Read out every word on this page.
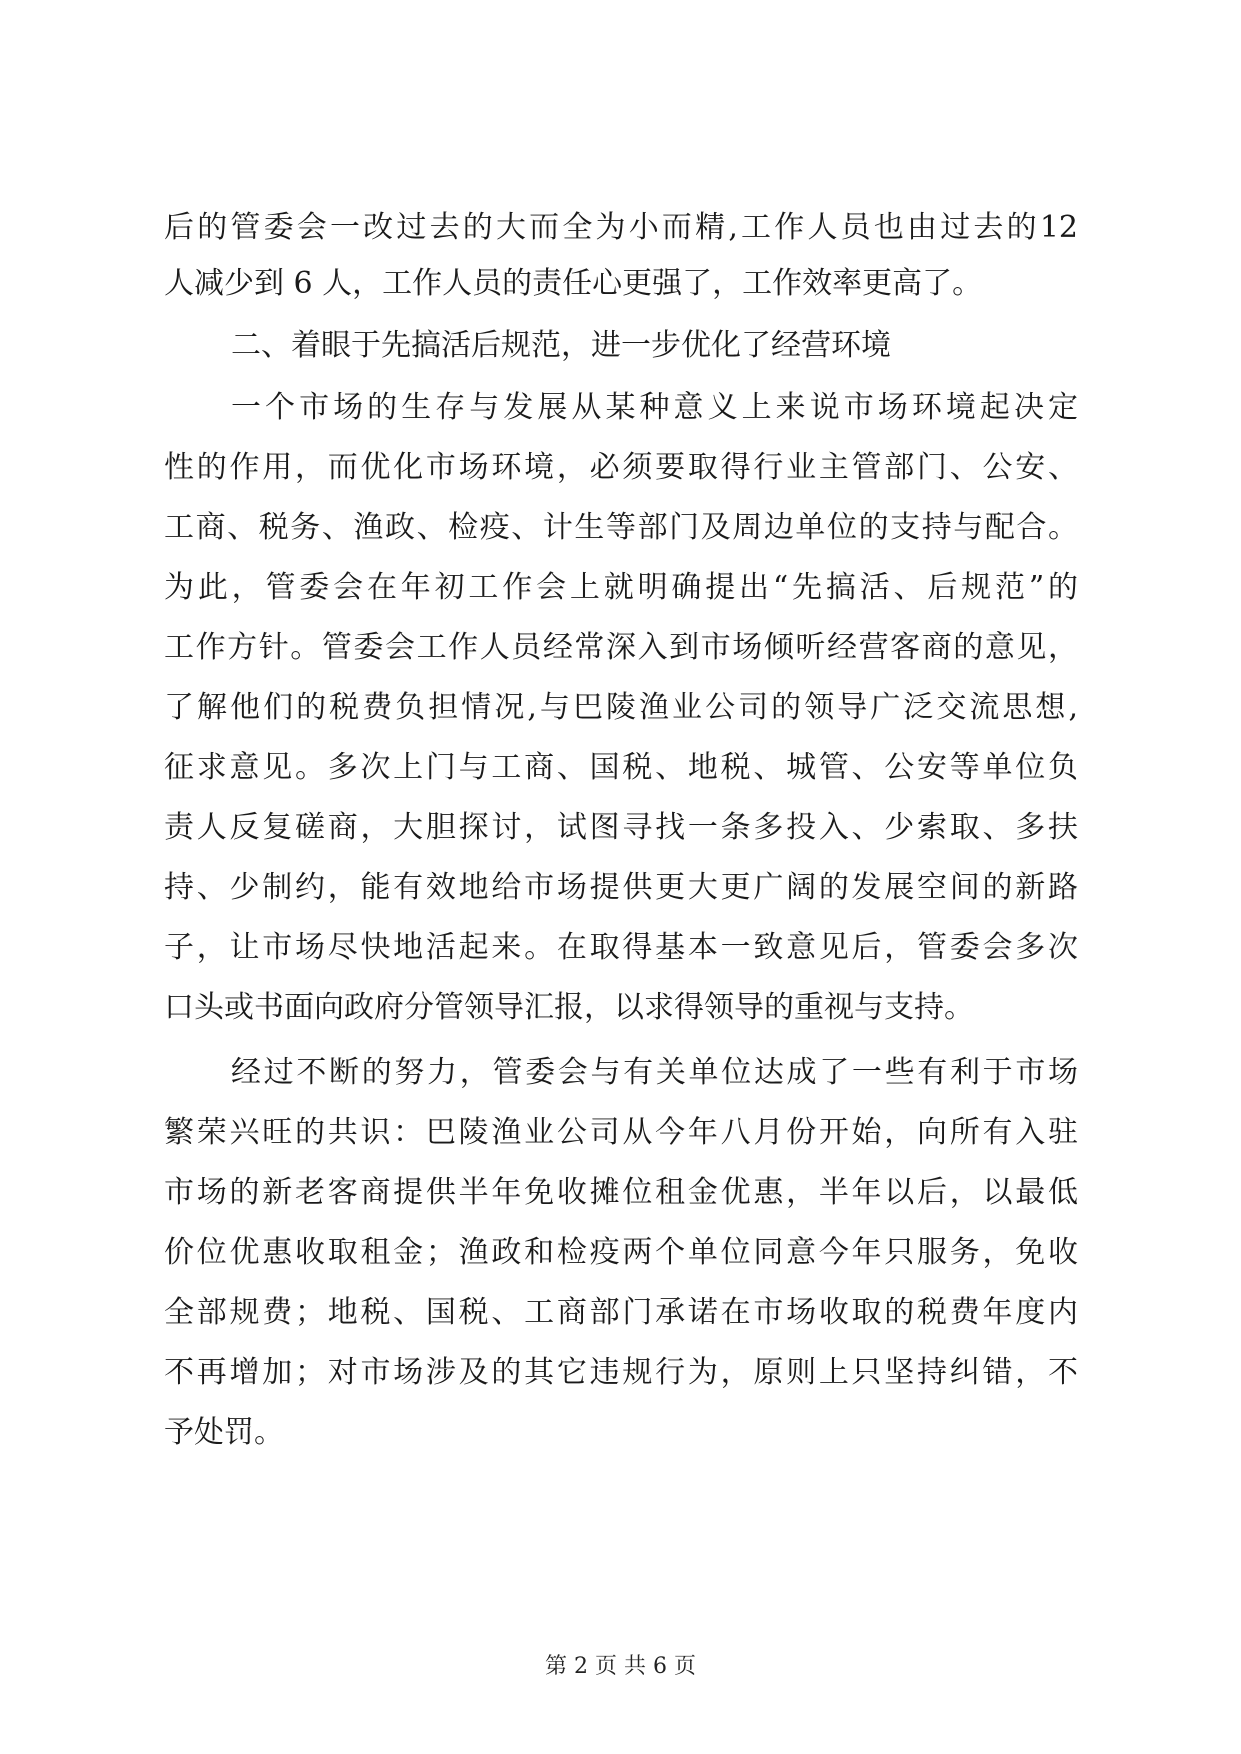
后的管委会一改过去的大而全为小而精,工作人员也由过去的12
人减少到 6 人，工作人员的责任心更强了，工作效率更高了。
二、着眼于先搞活后规范，进一步优化了经营环境
一个市场的生存与发展从某种意义上来说市场环境起决定
性的作用，而优化市场环境，必须要取得行业主管部门、公安、
工商、税务、渔政、检疫、计生等部门及周边单位的支持与配合。
为此，管委会在年初工作会上就明确提出“先搞活、后规范”的
工作方针。管委会工作人员经常深入到市场倾听经营客商的意见，
了解他们的税费负担情况,与巴陵渔业公司的领导广泛交流思想,
征求意见。多次上门与工商、国税、地税、城管、公安等单位负
责人反复磋商，大胆探讨，试图寻找一条多投入、少索取、多扶
持、少制约，能有效地给市场提供更大更广阔的发展空间的新路
子，让市场尽快地活起来。在取得基本一致意见后，管委会多次
口头或书面向政府分管领导汇报，以求得领导的重视与支持。
经过不断的努力，管委会与有关单位达成了一些有利于市场
繁荣兴旺的共识：巴陵渔业公司从今年八月份开始，向所有入驻
市场的新老客商提供半年免收摊位租金优惠，半年以后，以最低
价位优惠收取租金；渔政和检疫两个单位同意今年只服务，免收
全部规费；地税、国税、工商部门承诺在市场收取的税费年度内
不再增加；对市场涉及的其它违规行为，原则上只坚持纠错，不
予处罚。
第 2 页 共 6 页
